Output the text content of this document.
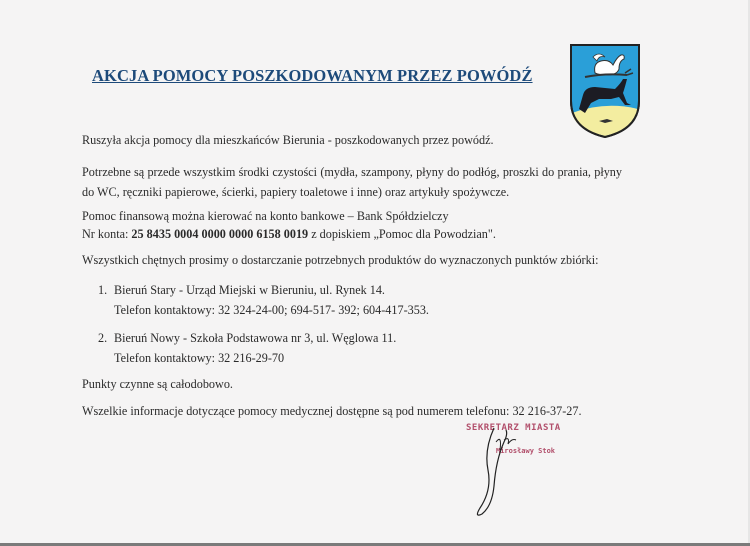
AKCJA POMOCY POSZKODOWANYM PRZEZ POWÓDŹ
Ruszyła akcja pomocy dla mieszkańców Bierunia - poszkodowanych przez powódź.
Potrzebne są przede wszystkim środki czystości (mydła, szampony, płyny do podłóg, proszki do prania, płyny do WC, ręczniki papierowe, ścierki, papiery toaletowe i inne) oraz artykuły spożywcze.
Pomoc finansową można kierować na konto bankowe – Bank Spółdzielczy
Nr konta: 25 8435 0004 0000 0000 6158 0019 z dopiskiem „Pomoc dla Powodzian".
Wszystkich chętnych prosimy o dostarczanie potrzebnych produktów do wyznaczonych punktów zbiórki:
1. Bieruń Stary - Urząd Miejski w Bieruniu, ul. Rynek 14.
Telefon kontaktowy: 32 324-24-00; 694-517- 392; 604-417-353.
2. Bieruń Nowy - Szkoła Podstawowa nr 3, ul. Węglowa 11.
Telefon kontaktowy: 32 216-29-70
Punkty czynne są całodobowo.
Wszelkie informacje dotyczące pomocy medycznej dostępne są pod numerem telefonu: 32 216-37-27.
SEKRETARZ MIASTA
Mirosławy Stok
